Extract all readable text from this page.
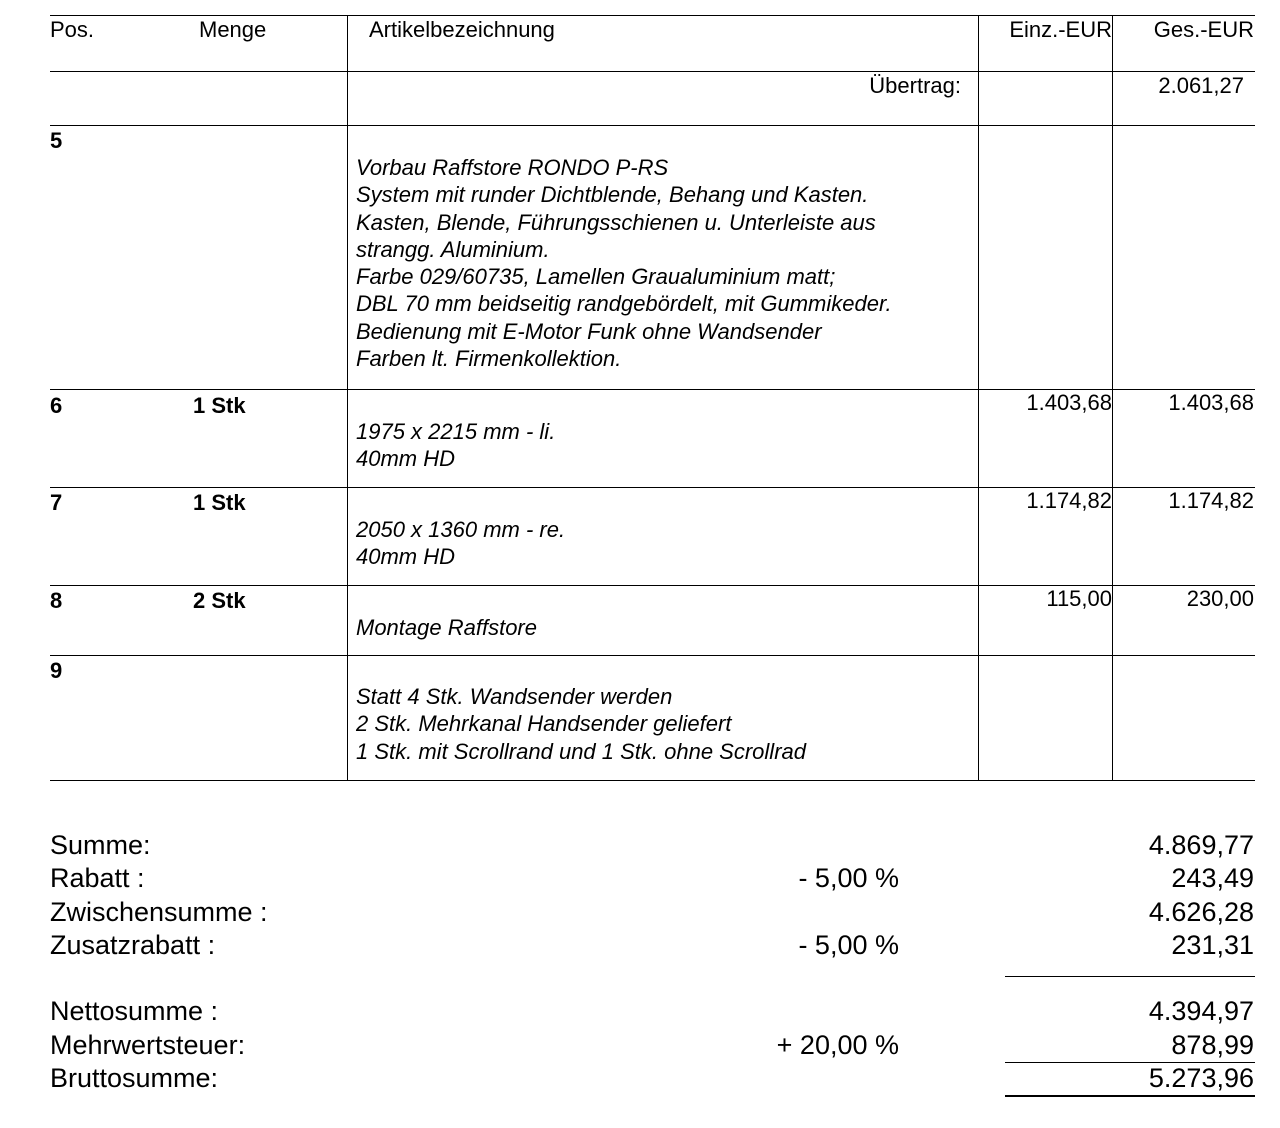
Pos.	Menge	Artikelbezeichnung	Einz.-EUR	Ges.-EUR
Übertrag:	2.061,27
5
Vorbau Raffstore RONDO P-RS
System mit runder Dichtblende, Behang und Kasten.
Kasten, Blende, Führungsschienen u. Unterleiste aus
strangg. Aluminium.
Farbe 029/60735, Lamellen Graualuminium matt;
DBL 70 mm beidseitig randgebördelt, mit Gummikeder.
Bedienung mit E-Motor Funk ohne Wandsender
Farben lt. Firmenkollektion.
6	1 Stk	1.403,68	1.403,68
1975 x 2215 mm - li.
40mm HD
7	1 Stk	1.174,82	1.174,82
2050 x 1360 mm - re.
40mm HD
8	2 Stk	115,00	230,00
Montage Raffstore
9
Statt 4 Stk. Wandsender werden
2 Stk. Mehrkanal Handsender geliefert
1 Stk. mit Scrollrand und 1 Stk. ohne Scrollrad
Summe:	4.869,77
Rabatt :	- 5,00 %	243,49
Zwischensumme :	4.626,28
Zusatzrabatt :	- 5,00 %	231,31
Nettosumme :	4.394,97
Mehrwertsteuer:	+ 20,00 %	878,99
Bruttosumme:	5.273,96
